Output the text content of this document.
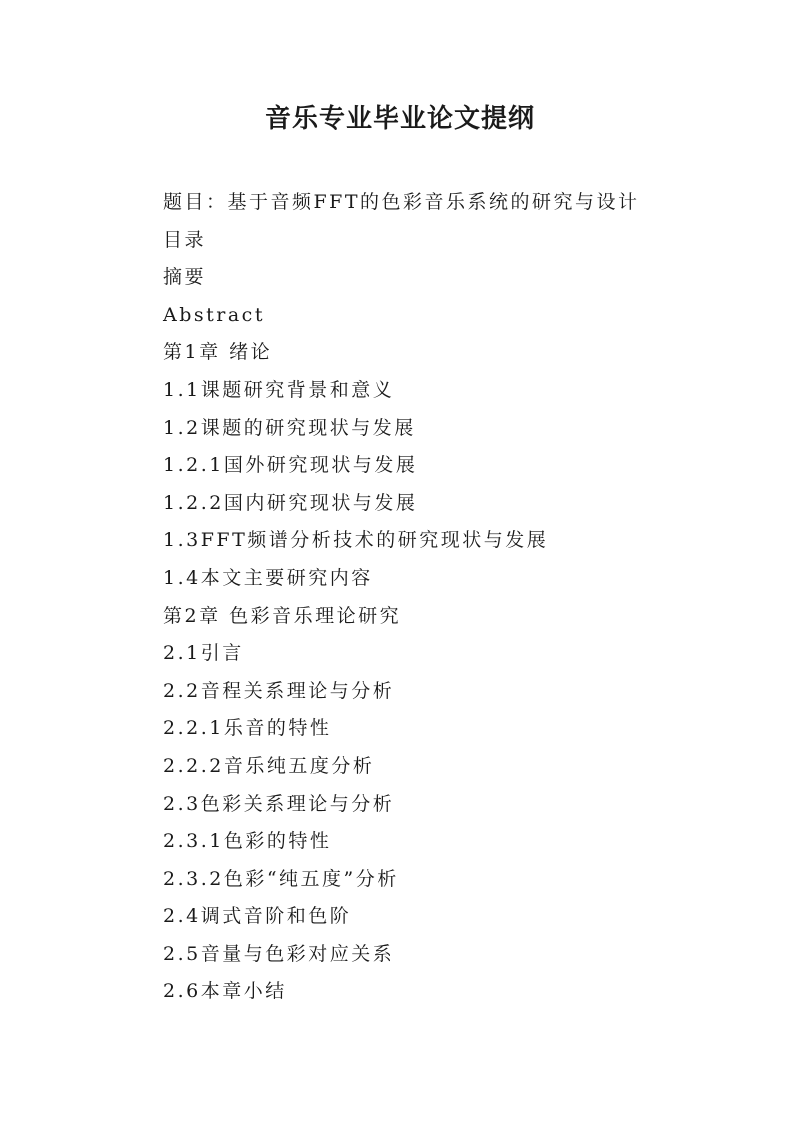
音乐专业毕业论文提纲
题目：基于音频FFT的色彩音乐系统的研究与设计
目录
摘要
Abstract
第1章 绪论
1.1课题研究背景和意义
1.2课题的研究现状与发展
1.2.1国外研究现状与发展
1.2.2国内研究现状与发展
1.3FFT频谱分析技术的研究现状与发展
1.4本文主要研究内容
第2章 色彩音乐理论研究
2.1引言
2.2音程关系理论与分析
2.2.1乐音的特性
2.2.2音乐纯五度分析
2.3色彩关系理论与分析
2.3.1色彩的特性
2.3.2色彩“纯五度”分析
2.4调式音阶和色阶
2.5音量与色彩对应关系
2.6本章小结
